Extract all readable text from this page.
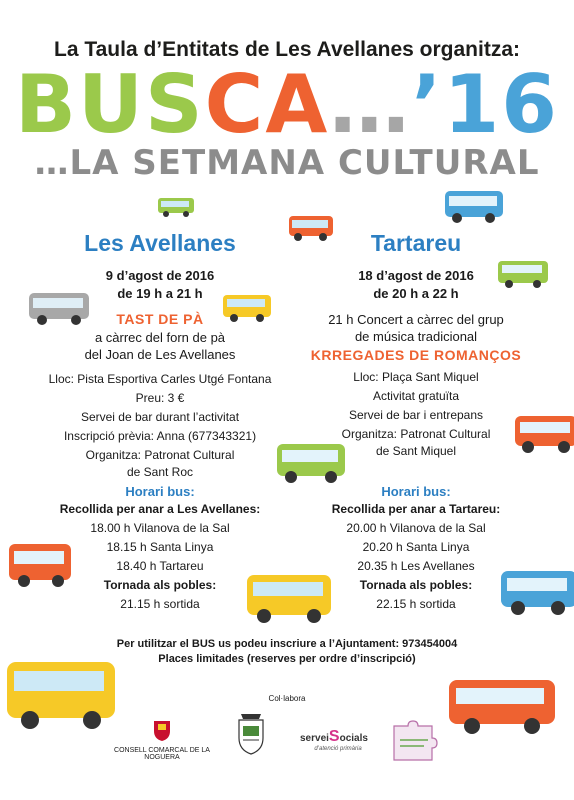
La Taula d’Entitats de Les Avellanes organitza:
BUSCA…’16
…LA SETMANA CULTURAL
Les Avellanes
9 d’agost de 2016
de 19 h a 21 h
TAST DE PÀ
a càrrec del forn de pà
del Joan de Les Avellanes
Lloc: Pista Esportiva Carles Utgé Fontana
Preu: 3 €
Servei de bar durant l’activitat
Inscripció prèvia: Anna (677343321)
Organitza: Patronat Cultural
de Sant Roc
Horari bus:
Recollida per anar a Les Avellanes:
18.00 h Vilanova de la Sal
18.15 h Santa Linya
18.40 h Tartareu
Tornada als pobles:
21.15 h sortida
Tartareu
18 d’agost de 2016
de 20 h a 22 h
21 h Concert a càrrec del grup
de música tradicional
KRREGADES DE ROMANÇOS
Lloc: Plaça Sant Miquel
Activitat gratuïta
Servei de bar i entrepans
Organitza: Patronat Cultural
de Sant Miquel
Horari bus:
Recollida per anar a Tartareu:
20.00 h Vilanova de la Sal
20.20 h Santa Linya
20.35 h Les Avellanes
Tornada als pobles:
22.15 h sortida
Per utilitzar el BUS us podeu inscriure a l’Ajuntament: 973454004
Places limitades (reserves per ordre d’inscripció)
Col·labora
CONSELL COMARCAL DE LA NOGUERA
serveiSocials
d’atenció primària
